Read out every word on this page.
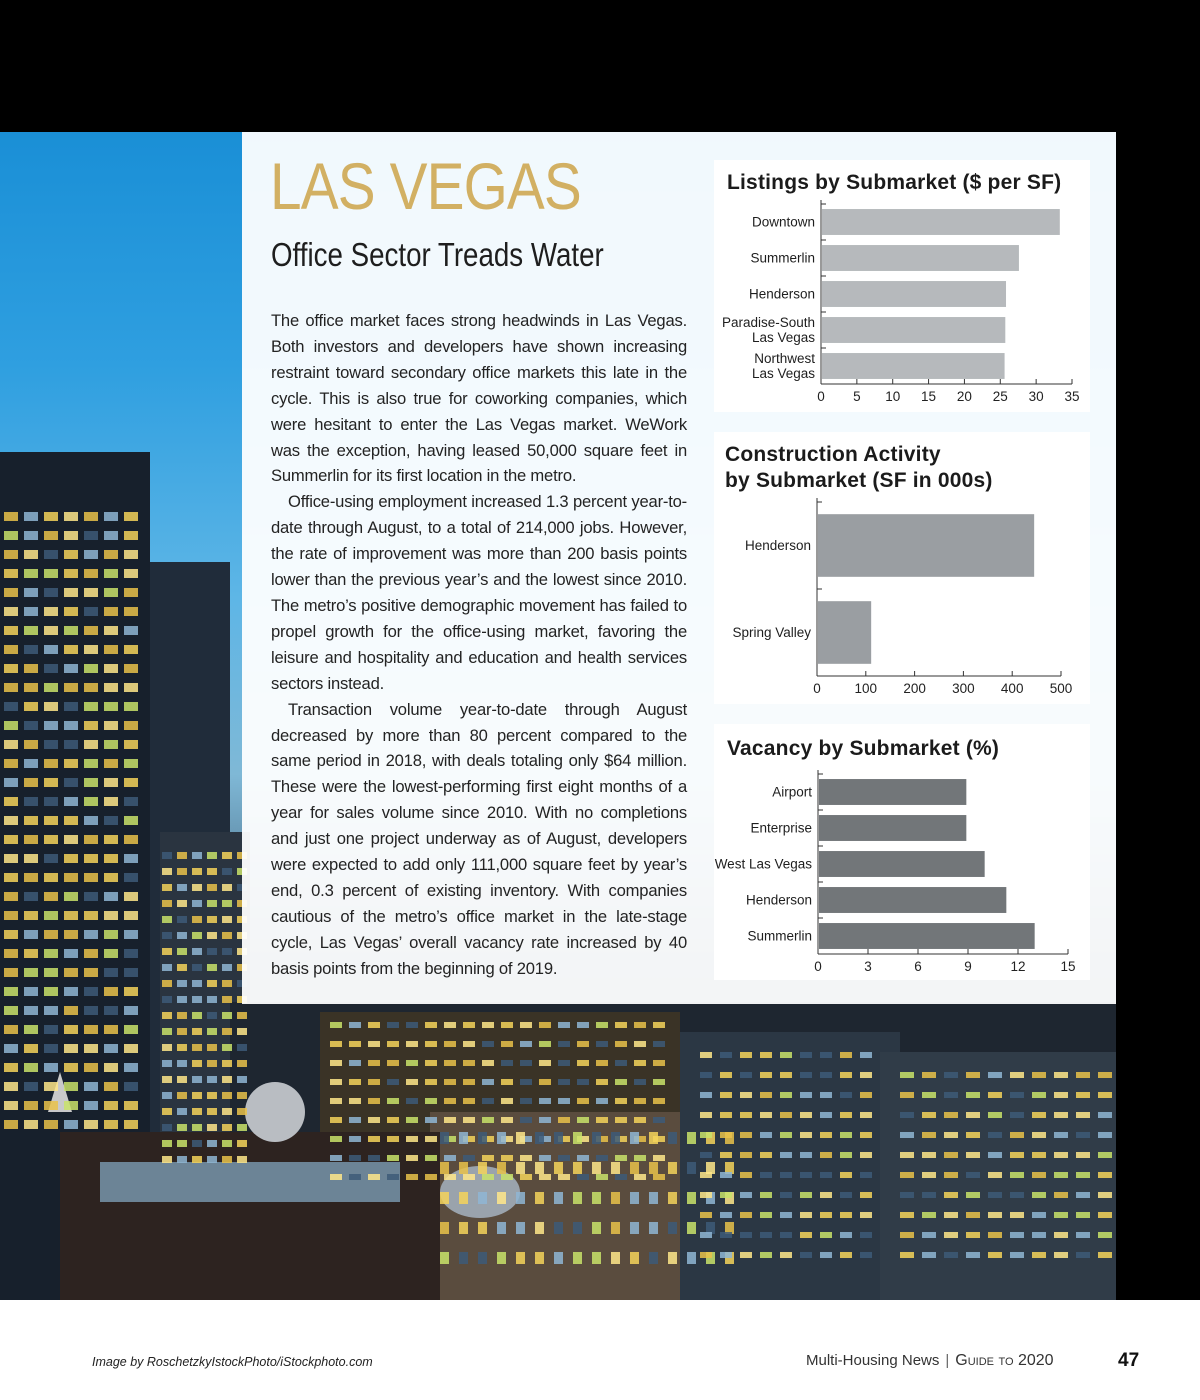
LAS VEGAS
Office Sector Treads Water

The office market faces strong headwinds in Las Vegas. Both investors and developers have shown increasing restraint toward secondary office markets this late in the cycle. This is also true for coworking companies, which were hesitant to enter the Las Vegas market. WeWork was the exception, having leased 50,000 square feet in Summerlin for its first location in the metro.

Office-using employment increased 1.3 percent year-to-date through August, to a total of 214,000 jobs. However, the rate of improvement was more than 200 basis points lower than the previous year’s and the lowest since 2010. The metro’s positive demographic movement has failed to propel growth for the office-using market, favoring the leisure and hospitality and education and health services sectors instead.

Transaction volume year-to-date through August decreased by more than 80 percent compared to the same period in 2018, with deals totaling only $64 million. These were the lowest-performing first eight months of a year for sales volume since 2010. With no completions and just one project underway as of August, developers were expected to add only 111,000 square feet by year’s end, 0.3 percent of existing inventory. With companies cautious of the metro’s office market in the late-stage cycle, Las Vegas’ overall vacancy rate increased by 40 basis points from the beginning of 2019.

Listings by Submarket ($ per SF)
0 5 10 15 20 25 30 35
Downtown
Summerlin
Henderson
Paradise-South
Las Vegas
Northwest
Las Vegas
Construction Activity
by Submarket (SF in 000s)
0	100 200 300 400 500
Henderson
Spring Valley
Vacancy by Submarket (%)
0	3	6	9	12	15
Airport
Enterprise
West Las Vegas
Henderson
Summerlin
Image by RoschetzkyIstockPhoto/iStockphoto.com	Multi-Housing News | Guide to 2020	47
